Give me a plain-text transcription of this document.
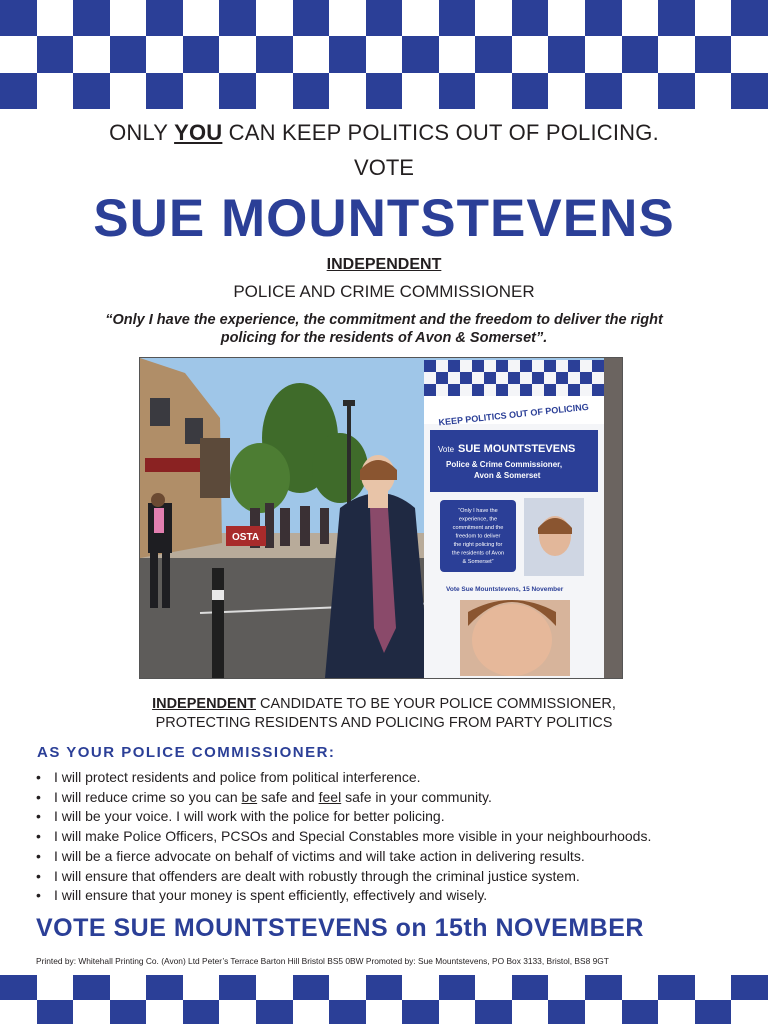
ONLY YOU CAN KEEP POLITICS OUT OF POLICING.
VOTE
SUE MOUNTSTEVENS
INDEPENDENT
POLICE AND CRIME COMMISSIONER
“Only I have the experience, the commitment and the freedom to deliver the right
policing for the residents of Avon & Somerset”.
OSTA
KEEP POLITICS OUT OF POLICING
Vote SUE MOUNTSTEVENS
Police & Crime Commissioner,
Avon & Somerset
“Only I have the
experience, the
commitment and the
freedom to deliver
the right policing for
the residents of Avon
& Somerset”
Vote Sue Mountstevens, 15 November
INDEPENDENT CANDIDATE TO BE YOUR POLICE COMMISSIONER,
PROTECTING RESIDENTS AND POLICING FROM PARTY POLITICS
AS YOUR POLICE COMMISSIONER:
• I will protect residents and police from political interference.
• I will reduce crime so you can be safe and feel safe in your community.
• I will be your voice. I will work with the police for better policing.
• I will make Police Officers, PCSOs and Special Constables more visible in your neighbourhoods.
• I will be a fierce advocate on behalf of victims and will take action in delivering results.
• I will ensure that offenders are dealt with robustly through the criminal justice system.
• I will ensure that your money is spent efficiently, effectively and wisely.
VOTE SUE MOUNTSTEVENS on 15th NOVEMBER
Printed by: Whitehall Printing Co. (Avon) Ltd Peter’s Terrace Barton Hill Bristol BS5 0BW Promoted by: Sue Mountstevens, PO Box 3133, Bristol, BS8 9GT
